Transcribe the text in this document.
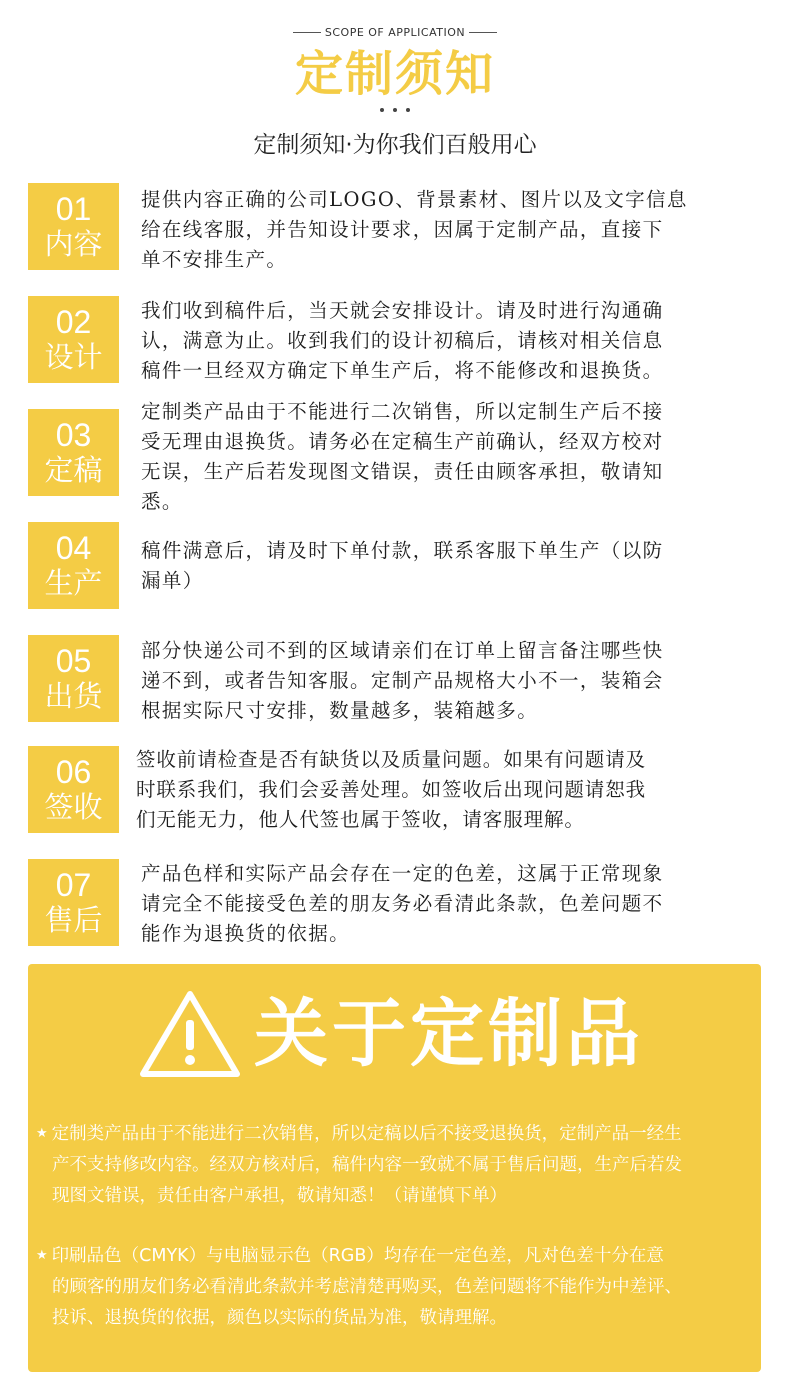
SCOPE OF APPLICATION
定制须知
定制须知·为你我们百般用心
01
内容
提供内容正确的公司LOGO、背景素材、图片以及文字信息
给在线客服，并告知设计要求，因属于定制产品，直接下
单不安排生产。
02
设计
我们收到稿件后，当天就会安排设计。请及时进行沟通确
认，满意为止。收到我们的设计初稿后，请核对相关信息
稿件一旦经双方确定下单生产后，将不能修改和退换货。
03
定稿
定制类产品由于不能进行二次销售，所以定制生产后不接
受无理由退换货。请务必在定稿生产前确认，经双方校对
无误，生产后若发现图文错误，责任由顾客承担，敬请知
悉。
04
生产
稿件满意后，请及时下单付款，联系客服下单生产（以防
漏单）
05
出货
部分快递公司不到的区域请亲们在订单上留言备注哪些快
递不到，或者告知客服。定制产品规格大小不一，装箱会
根据实际尺寸安排，数量越多，装箱越多。
06
签收
签收前请检查是否有缺货以及质量问题。如果有问题请及
时联系我们，我们会妥善处理。如签收后出现问题请恕我
们无能无力，他人代签也属于签收，请客服理解。
07
售后
产品色样和实际产品会存在一定的色差，这属于正常现象
请完全不能接受色差的朋友务必看清此条款，色差问题不
能作为退换货的依据。
关于定制品
★ 定制类产品由于不能进行二次销售，所以定稿以后不接受退换货，定制产品一经生
产不支持修改内容。经双方核对后，稿件内容一致就不属于售后问题，生产后若发
现图文错误，责任由客户承担，敬请知悉！（请谨慎下单）
★ 印刷品色（CMYK）与电脑显示色（RGB）均存在一定色差，凡对色差十分在意
的顾客的朋友们务必看清此条款并考虑清楚再购买，色差问题将不能作为中差评、
投诉、退换货的依据，颜色以实际的货品为准，敬请理解。
